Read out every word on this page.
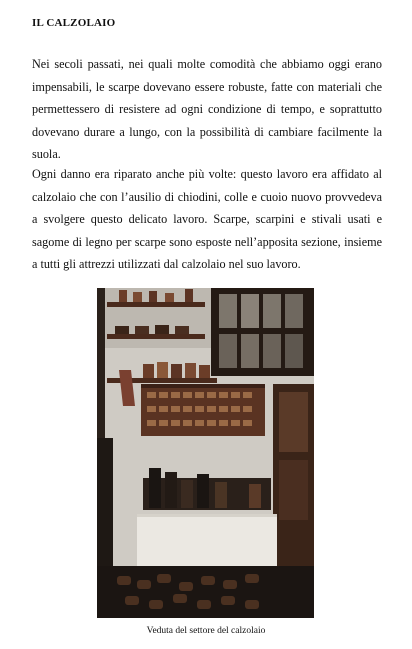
IL CALZOLAIO

Nei secoli passati, nei quali molte comodità che abbiamo oggi erano impensabili, le scarpe dovevano essere robuste, fatte con materiali che permettessero di resistere ad ogni condizione di tempo, e soprattutto dovevano durare a lungo, con la possibilità di cambiare facilmente la suola.

Ogni danno era riparato anche più volte: questo lavoro era affidato al calzolaio che con l’ausilio di chiodini, colle e cuoio nuovo provvedeva a svolgere questo delicato lavoro. Scarpe, scarpini e stivali usati e sagome di legno per scarpe sono esposte nell’apposita sezione, insieme a tutti gli attrezzi utilizzati dal calzolaio nel suo lavoro.

Veduta del settore del calzolaio
